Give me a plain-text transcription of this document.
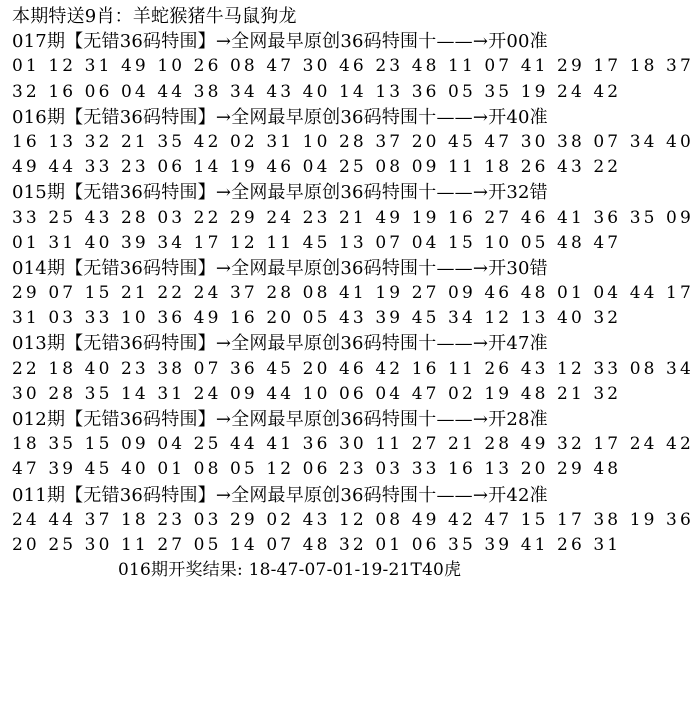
本期特送9肖：羊蛇猴猪牛马鼠狗龙
017期【无错36码特围】→全网最早原创36码特围十——→开00准
01 12 31 49 10 26 08 47 30 46 23 48 11 07 41 29 17 18 37
32 16 06 04 44 38 34 43 40 14 13 36 05 35 19 24 42
016期【无错36码特围】→全网最早原创36码特围十——→开40准
16 13 32 21 35 42 02 31 10 28 37 20 45 47 30 38 07 34 40
49 44 33 23 06 14 19 46 04 25 08 09 11 18 26 43 22
015期【无错36码特围】→全网最早原创36码特围十——→开32错
33 25 43 28 03 22 29 24 23 21 49 19 16 27 46 41 36 35 09
01 31 40 39 34 17 12 11 45 13 07 04 15 10 05 48 47
014期【无错36码特围】→全网最早原创36码特围十——→开30错
29 07 15 21 22 24 37 28 08 41 19 27 09 46 48 01 04 44 17
31 03 33 10 36 49 16 20 05 43 39 45 34 12 13 40 32
013期【无错36码特围】→全网最早原创36码特围十——→开47准
22 18 40 23 38 07 36 45 20 46 42 16 11 26 43 12 33 08 34
30 28 35 14 31 24 09 44 10 06 04 47 02 19 48 21 32
012期【无错36码特围】→全网最早原创36码特围十——→开28准
18 35 15 09 04 25 44 41 36 30 11 27 21 28 49 32 17 24 42
47 39 45 40 01 08 05 12 06 23 03 33 16 13 20 29 48
011期【无错36码特围】→全网最早原创36码特围十——→开42准
24 44 37 18 23 03 29 02 43 12 08 49 42 47 15 17 38 19 36
20 25 30 11 27 05 14 07 48 32 01 06 35 39 41 26 31
016期开奖结果: 18-47-07-01-19-21T40虎
